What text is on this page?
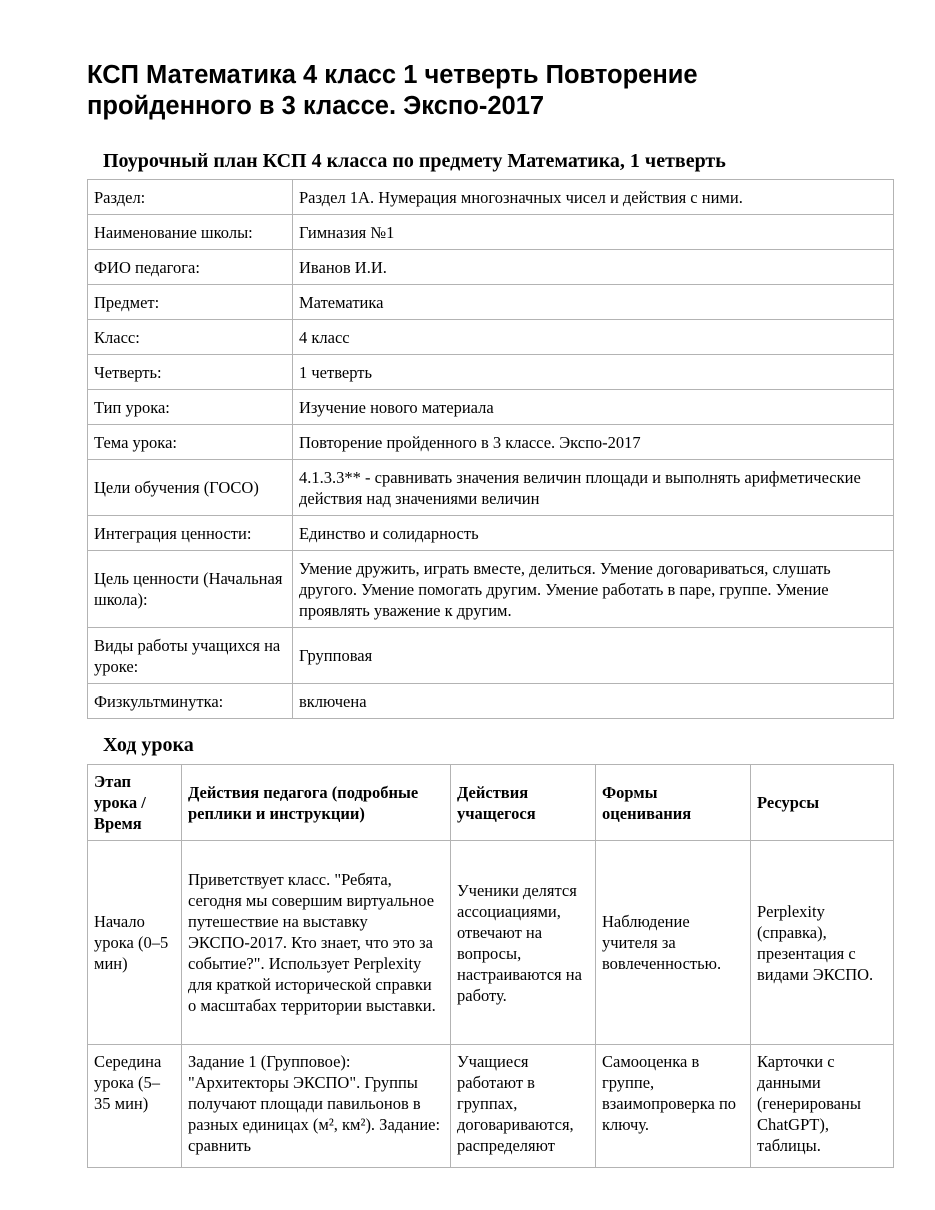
КСП Математика 4 класс 1 четверть Повторение пройденного в 3 классе. Экспо-2017
Поурочный план КСП 4 класса по предмету Математика, 1 четверть
Раздел:	Раздел 1А. Нумерация многозначных чисел и действия с ними.
Наименование школы:	Гимназия №1
ФИО педагога:	Иванов И.И.
Предмет:	Математика
Класс:	4 класс
Четверть:	1 четверть
Тип урока:	Изучение нового материала
Тема урока:	Повторение пройденного в 3 классе. Экспо-2017
Цели обучения (ГОСО)	4.1.3.3** - сравнивать значения величин площади и выполнять арифметические действия над значениями величин
Интеграция ценности:	Единство и солидарность
Цель ценности (Начальная школа):	Умение дружить, играть вместе, делиться. Умение договариваться, слушать другого. Умение помогать другим. Умение работать в паре, группе. Умение проявлять уважение к другим.
Виды работы учащихся на уроке:	Групповая
Физкультминутка:	включена
Ход урока
Этап урока / Время	Действия педагога (подробные реплики и инструкции)	Действия учащегося	Формы оценивания	Ресурсы
Начало урока (0–5 мин)	Приветствует класс. "Ребята, сегодня мы совершим виртуальное путешествие на выставку ЭКСПО-2017. Кто знает, что это за событие?". Использует Perplexity для краткой исторической справки о масштабах территории выставки.	Ученики делятся ассоциациями, отвечают на вопросы, настраиваются на работу.	Наблюдение учителя за вовлеченностью.	Perplexity (справка), презентация с видами ЭКСПО.
Середина урока (5–35 мин)	Задание 1 (Групповое): "Архитекторы ЭКСПО". Группы получают площади павильонов в разных единицах (м², км²). Задание: сравнить	Учащиеся работают в группах, договариваются, распределяют	Самооценка в группе, взаимопроверка по ключу.	Карточки с данными (генерированы ChatGPT), таблицы.
